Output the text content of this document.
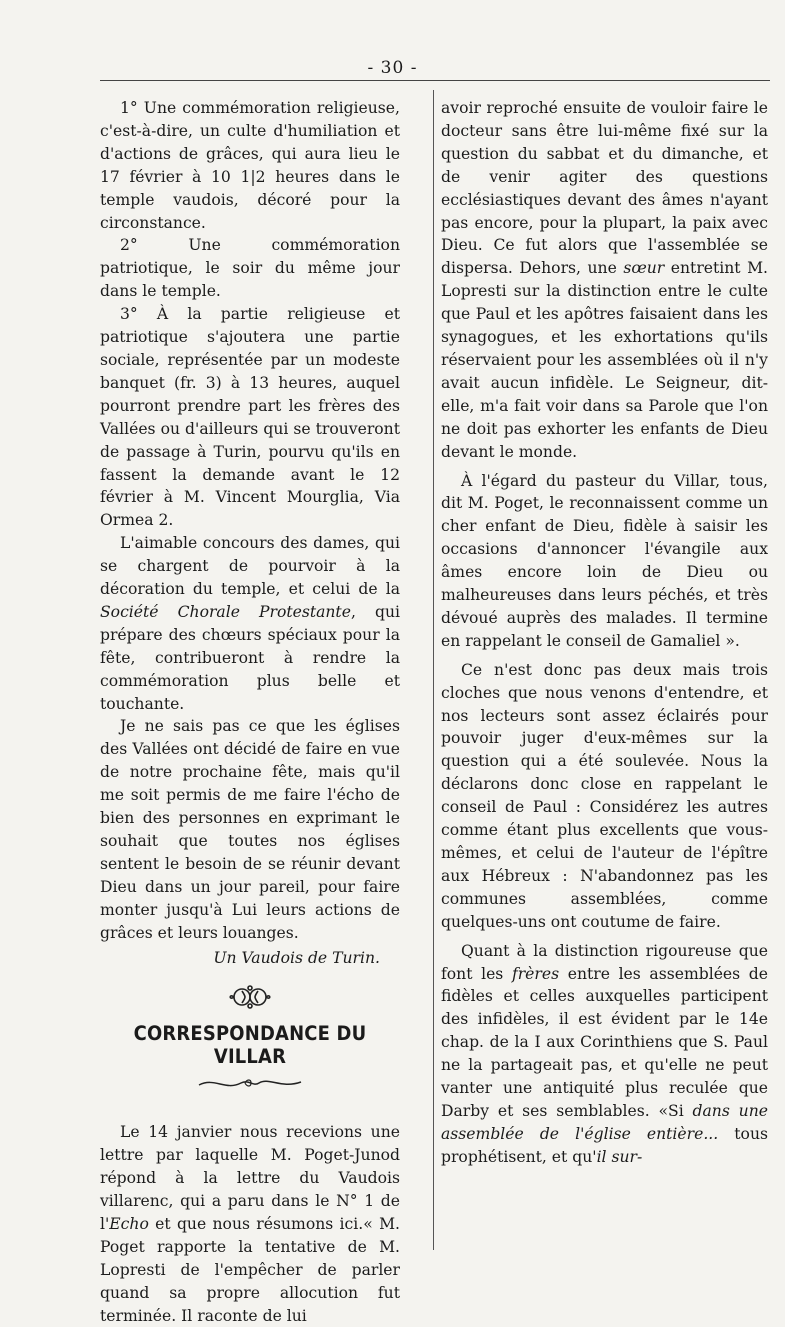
- 30 -

1° Une commémoration religieuse, c'est-à-dire, un culte d'humiliation et d'actions de grâces, qui aura lieu le 17 février à 10 1|2 heures dans le temple vaudois, décoré pour la circonstance.

2° Une commémoration patriotique, le soir du même jour dans le temple.

3° À la partie religieuse et patriotique s'ajoutera une partie sociale, représentée par un modeste banquet (fr. 3) à 13 heures, auquel pourront prendre part les frères des Vallées ou d'ailleurs qui se trouveront de passage à Turin, pourvu qu'ils en fassent la demande avant le 12 février à M. Vincent Mourglia, Via Ormea 2.

L'aimable concours des dames, qui se chargent de pourvoir à la décoration du temple, et celui de la Société Chorale Protestante, qui prépare des chœurs spéciaux pour la fête, contribueront à rendre la commémoration plus belle et touchante.

Je ne sais pas ce que les églises des Vallées ont décidé de faire en vue de notre prochaine fête, mais qu'il me soit permis de me faire l'écho de bien des personnes en exprimant le souhait que toutes nos églises sentent le besoin de se réunir devant Dieu dans un jour pareil, pour faire monter jusqu'à Lui leurs actions de grâces et leurs louanges.

Un Vaudois de Turin.
CORRESPONDANCE DU VILLAR

Le 14 janvier nous recevions une lettre par laquelle M. Poget-Junod répond à la lettre du Vaudois villarenc, qui a paru dans le N° 1 de l'Echo et que nous résumons ici.« M. Poget rapporte la tentative de M. Lopresti de l'empêcher de parler quand sa propre allocution fut terminée. Il raconte de lui

avoir reproché ensuite de vouloir faire le docteur sans être lui-même fixé sur la question du sabbat et du dimanche, et de venir agiter des questions ecclésiastiques devant des âmes n'ayant pas encore, pour la plupart, la paix avec Dieu. Ce fut alors que l'assemblée se dispersa. Dehors, une sœur entretint M. Lopresti sur la distinction entre le culte que Paul et les apôtres faisaient dans les synagogues, et les exhortations qu'ils réservaient pour les assemblées où il n'y avait aucun infidèle. Le Seigneur, dit-elle, m'a fait voir dans sa Parole que l'on ne doit pas exhorter les enfants de Dieu devant le monde.

À l'égard du pasteur du Villar, tous, dit M. Poget, le reconnaissent comme un cher enfant de Dieu, fidèle à saisir les occasions d'annoncer l'évangile aux âmes encore loin de Dieu ou malheureuses dans leurs péchés, et très dévoué auprès des malades. Il termine en rappelant le conseil de Gamaliel ».

Ce n'est donc pas deux mais trois cloches que nous venons d'entendre, et nos lecteurs sont assez éclairés pour pouvoir juger d'eux-mêmes sur la question qui a été soulevée. Nous la déclarons donc close en rappelant le conseil de Paul : Considérez les autres comme étant plus excellents que vous-mêmes, et celui de l'auteur de l'épître aux Hébreux : N'abandonnez pas les communes assemblées, comme quelques-uns ont coutume de faire.

Quant à la distinction rigoureuse que font les frères entre les assemblées de fidèles et celles auxquelles participent des infidèles, il est évident par le 14e chap. de la I aux Corinthiens que S. Paul ne la partageait pas, et qu'elle ne peut vanter une antiquité plus reculée que Darby et ses semblables. «Si dans une assemblée de l'église entière... tous prophétisent, et qu'il sur-
